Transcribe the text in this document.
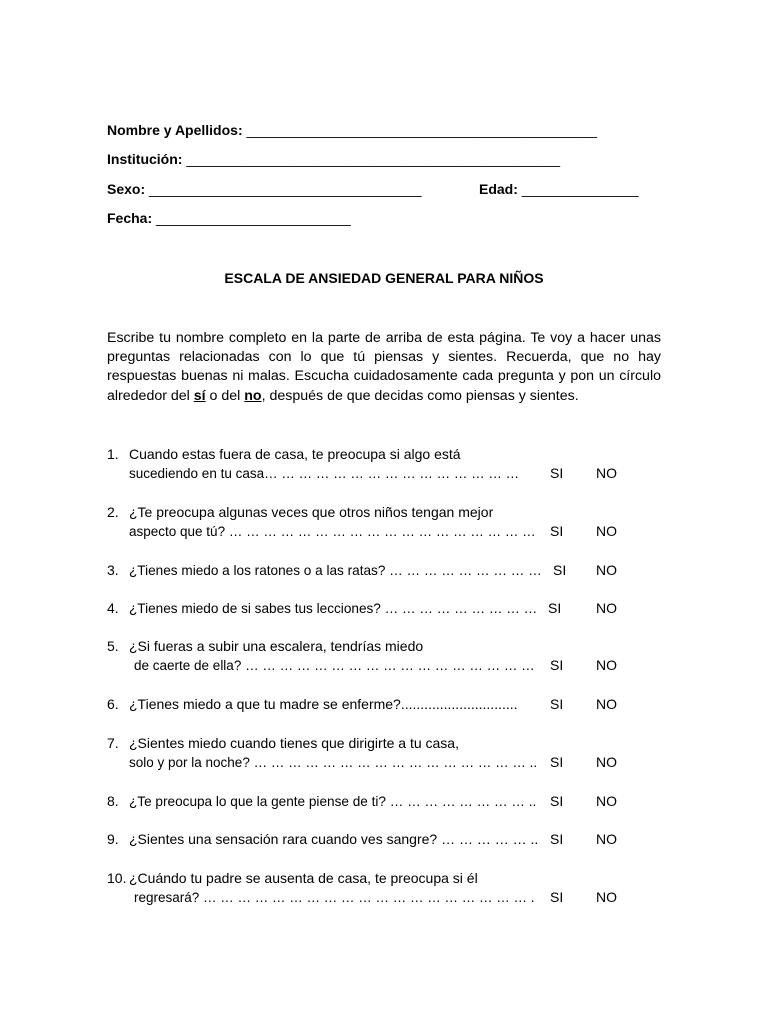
Nombre y Apellidos: _____________________________________________
Institución: ________________________________________________
Sexo: ___________________________________	Edad: _______________
Fecha: _________________________
ESCALA DE ANSIEDAD GENERAL PARA NIÑOS

Escribe tu nombre completo en la parte de arriba de esta página. Te voy a hacer unas preguntas relacionadas con lo que tú piensas y sientes. Recuerda, que no hay respuestas buenas ni malas. Escucha cuidadosamente cada pregunta y pon un círculo alrededor del sí o del no, después de que decidas como piensas y sientes.

1. Cuando estas fuera de casa, te preocupa si algo está
sucediendo en tu casa… … … … … … … … … … … … … … … SI NO
2. ¿Te preocupa algunas veces que otros niños tengan mejor
aspecto que tú? … … … … … … … … … … … … … … … … … … SI NO
3. ¿Tienes miedo a los ratones o a las ratas? … … … … … … … … … SI NO
4. ¿Tienes miedo de si sabes tus lecciones? … … … … … … … … … SI NO
5. ¿Si fueras a subir una escalera, tendrías miedo
de caerte de ella? … … … … … … … … … … … … … … … … … SI NO
6. ¿Tienes miedo a que tu madre se enferme?.............................. SI NO
7. ¿Sientes miedo cuando tienes que dirigirte a tu casa,
solo y por la noche? … … … … … … … … … … … … … … … … .. SI NO
8. ¿Te preocupa lo que la gente piense de ti? … … … … … … … … .. SI NO
9. ¿Sientes una sensación rara cuando ves sangre? … … … … … .. SI NO
10. ¿Cuándo tu padre se ausenta de casa, te preocupa si él
regresará? … … … … … … … … … … … … … … … … … … … . SI NO
